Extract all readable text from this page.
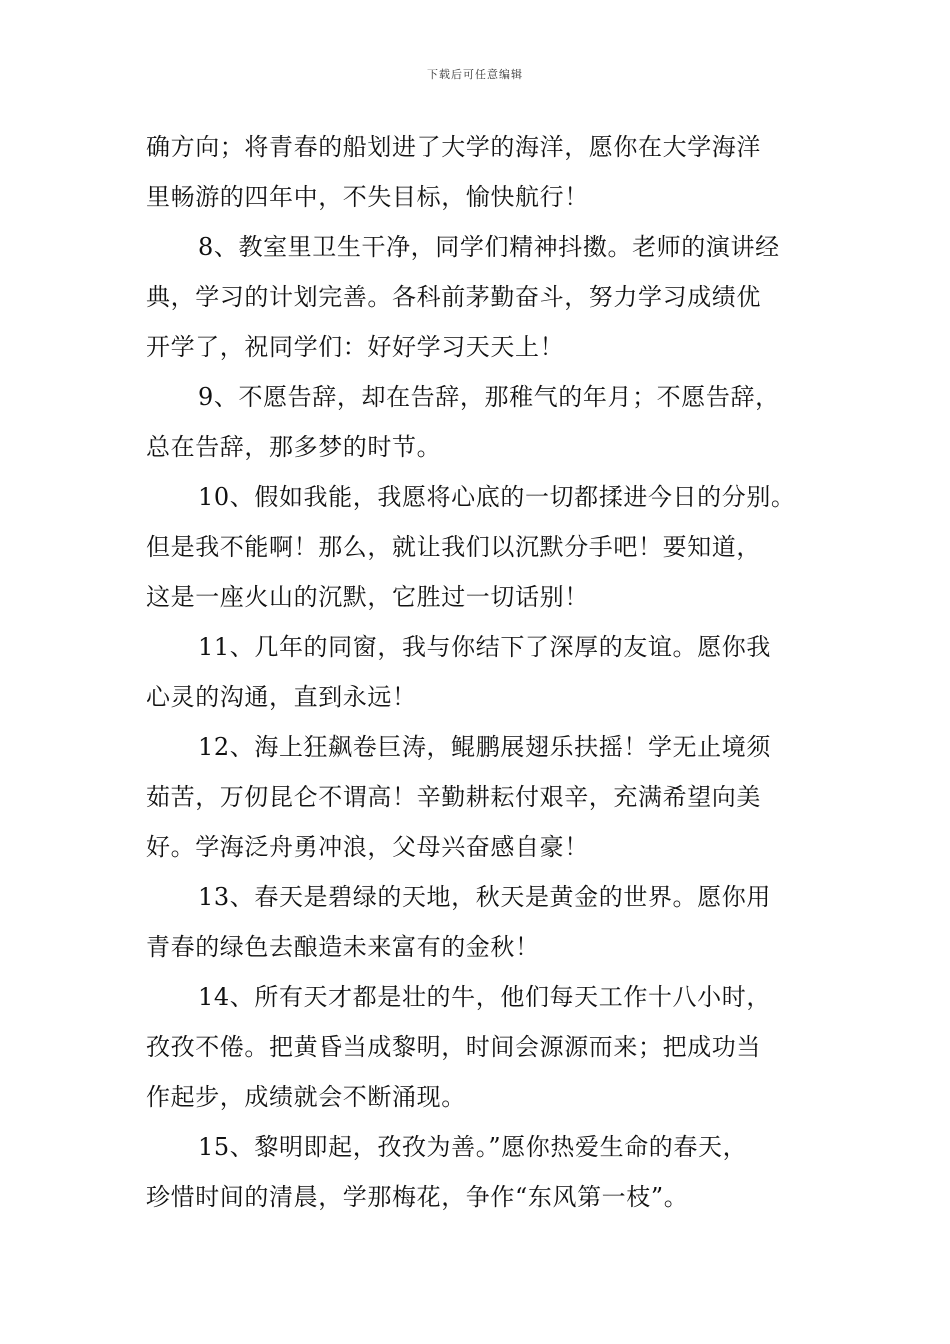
下载后可任意编辑
确方向；将青春的船划进了大学的海洋，愿你在大学海洋
里畅游的四年中，不失目标，愉快航行！
8、教室里卫生干净，同学们精神抖擞。老师的演讲经
典，学习的计划完善。各科前茅勤奋斗，努力学习成绩优
开学了，祝同学们：好好学习天天上！
9、不愿告辞，却在告辞，那稚气的年月；不愿告辞，
总在告辞，那多梦的时节。
10、假如我能，我愿将心底的一切都揉进今日的分别。
但是我不能啊！那么，就让我们以沉默分手吧！要知道，
这是一座火山的沉默，它胜过一切话别！
11、几年的同窗，我与你结下了深厚的友谊。愿你我
心灵的沟通，直到永远！
12、海上狂飙卷巨涛，鲲鹏展翅乐扶摇！学无止境须
茹苦，万仞昆仑不谓高！辛勤耕耘付艰辛，充满希望向美
好。学海泛舟勇冲浪，父母兴奋感自豪！
13、春天是碧绿的天地，秋天是黄金的世界。愿你用
青春的绿色去酿造未来富有的金秋！
14、所有天才都是壮的牛，他们每天工作十八小时，
孜孜不倦。把黄昏当成黎明，时间会源源而来；把成功当
作起步，成绩就会不断涌现。
15、黎明即起，孜孜为善。”愿你热爱生命的春天，
珍惜时间的清晨，学那梅花，争作“东风第一枝”。
